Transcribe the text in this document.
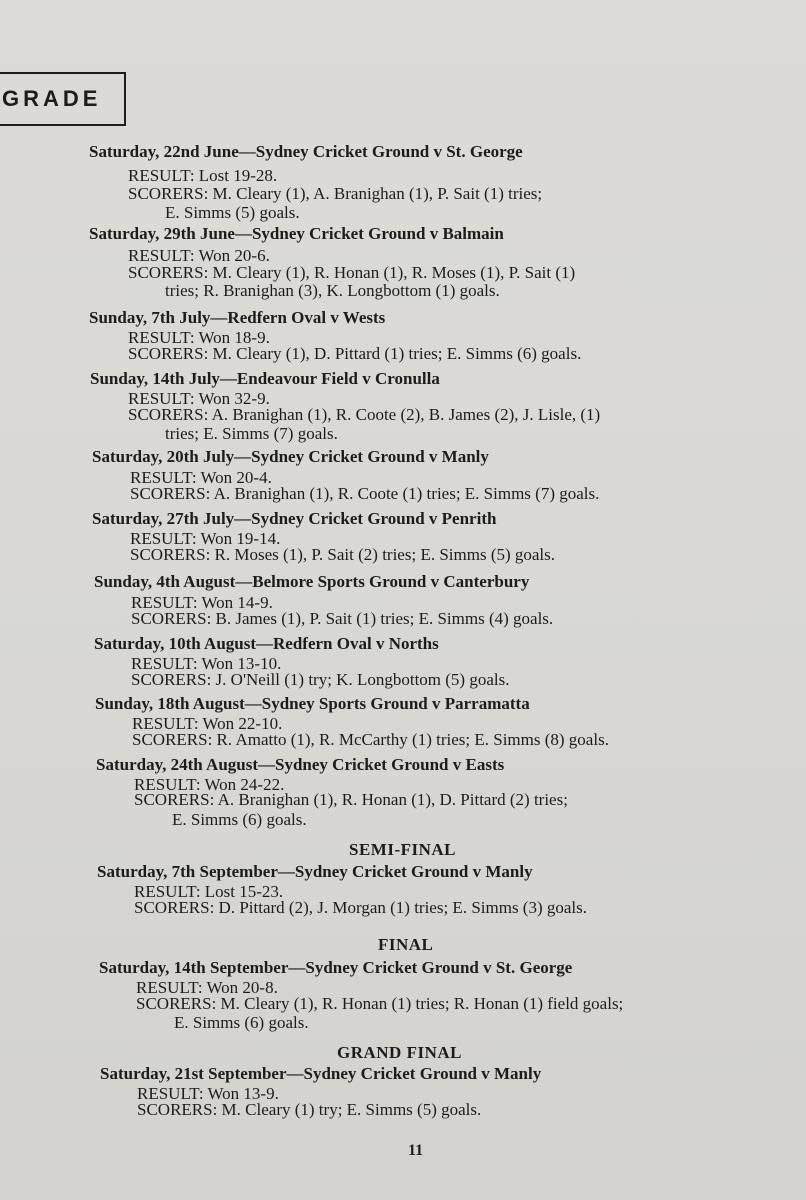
GRADE
Saturday, 22nd June—Sydney Cricket Ground v St. George
RESULT: Lost 19-28.
SCORERS: M. Cleary (1), A. Branighan (1), P. Sait (1) tries;
E. Simms (5) goals.
Saturday, 29th June—Sydney Cricket Ground v Balmain
RESULT: Won 20-6.
SCORERS: M. Cleary (1), R. Honan (1), R. Moses (1), P. Sait (1)
tries; R. Branighan (3), K. Longbottom (1) goals.
Sunday, 7th July—Redfern Oval v Wests
RESULT: Won 18-9.
SCORERS: M. Cleary (1), D. Pittard (1) tries; E. Simms (6) goals.
Sunday, 14th July—Endeavour Field v Cronulla
RESULT: Won 32-9.
SCORERS: A. Branighan (1), R. Coote (2), B. James (2), J. Lisle, (1)
tries; E. Simms (7) goals.
Saturday, 20th July—Sydney Cricket Ground v Manly
RESULT: Won 20-4.
SCORERS: A. Branighan (1), R. Coote (1) tries; E. Simms (7) goals.
Saturday, 27th July—Sydney Cricket Ground v Penrith
RESULT: Won 19-14.
SCORERS: R. Moses (1), P. Sait (2) tries; E. Simms (5) goals.
Sunday, 4th August—Belmore Sports Ground v Canterbury
RESULT: Won 14-9.
SCORERS: B. James (1), P. Sait (1) tries; E. Simms (4) goals.
Saturday, 10th August—Redfern Oval v Norths
RESULT: Won 13-10.
SCORERS: J. O'Neill (1) try; K. Longbottom (5) goals.
Sunday, 18th August—Sydney Sports Ground v Parramatta
RESULT: Won 22-10.
SCORERS: R. Amatto (1), R. McCarthy (1) tries; E. Simms (8) goals.
Saturday, 24th August—Sydney Cricket Ground v Easts
RESULT: Won 24-22.
SCORERS: A. Branighan (1), R. Honan (1), D. Pittard (2) tries;
E. Simms (6) goals.
SEMI-FINAL
Saturday, 7th September—Sydney Cricket Ground v Manly
RESULT: Lost 15-23.
SCORERS: D. Pittard (2), J. Morgan (1) tries; E. Simms (3) goals.
FINAL
Saturday, 14th September—Sydney Cricket Ground v St. George
RESULT: Won 20-8.
SCORERS: M. Cleary (1), R. Honan (1) tries; R. Honan (1) field goals;
E. Simms (6) goals.
GRAND FINAL
Saturday, 21st September—Sydney Cricket Ground v Manly
RESULT: Won 13-9.
SCORERS: M. Cleary (1) try; E. Simms (5) goals.
11
